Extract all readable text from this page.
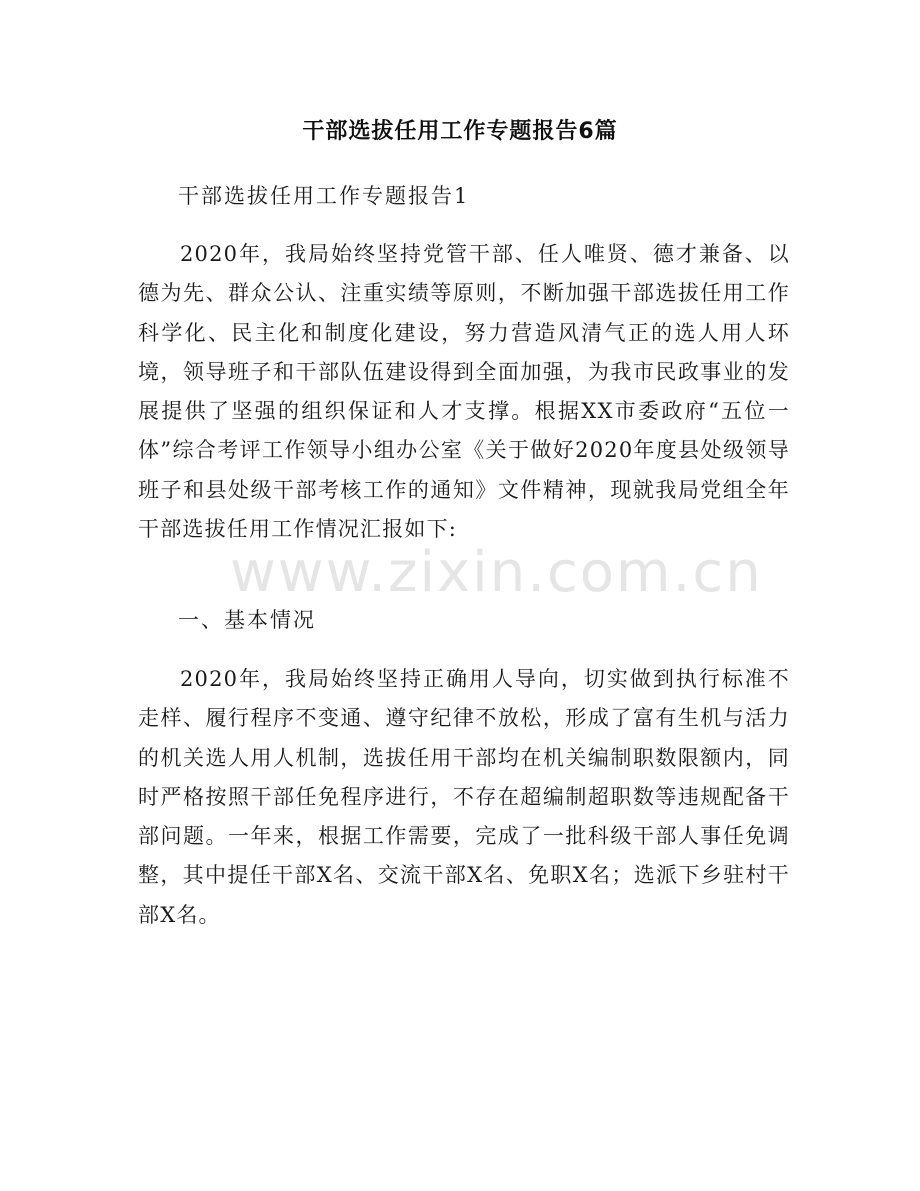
干部选拔任用工作专题报告6篇
干部选拔任用工作专题报告1

2020年，我局始终坚持党管干部、任人唯贤、德才兼备、以德为先、群众公认、注重实绩等原则，不断加强干部选拔任用工作科学化、民主化和制度化建设，努力营造风清气正的选人用人环境，领导班子和干部队伍建设得到全面加强，为我市民政事业的发展提供了坚强的组织保证和人才支撑。根据XX市委政府“五位一体”综合考评工作领导小组办公室《关于做好2020年度县处级领导班子和县处级干部考核工作的通知》文件精神，现就我局党组全年干部选拔任用工作情况汇报如下:

www.zixin.com.cn
一、基本情况

2020年，我局始终坚持正确用人导向，切实做到执行标准不走样、履行程序不变通、遵守纪律不放松，形成了富有生机与活力的机关选人用人机制，选拔任用干部均在机关编制职数限额内，同时严格按照干部任免程序进行，不存在超编制超职数等违规配备干部问题。一年来，根据工作需要，完成了一批科级干部人事任免调整，其中提任干部X名、交流干部X名、免职X名；选派下乡驻村干部X名。
